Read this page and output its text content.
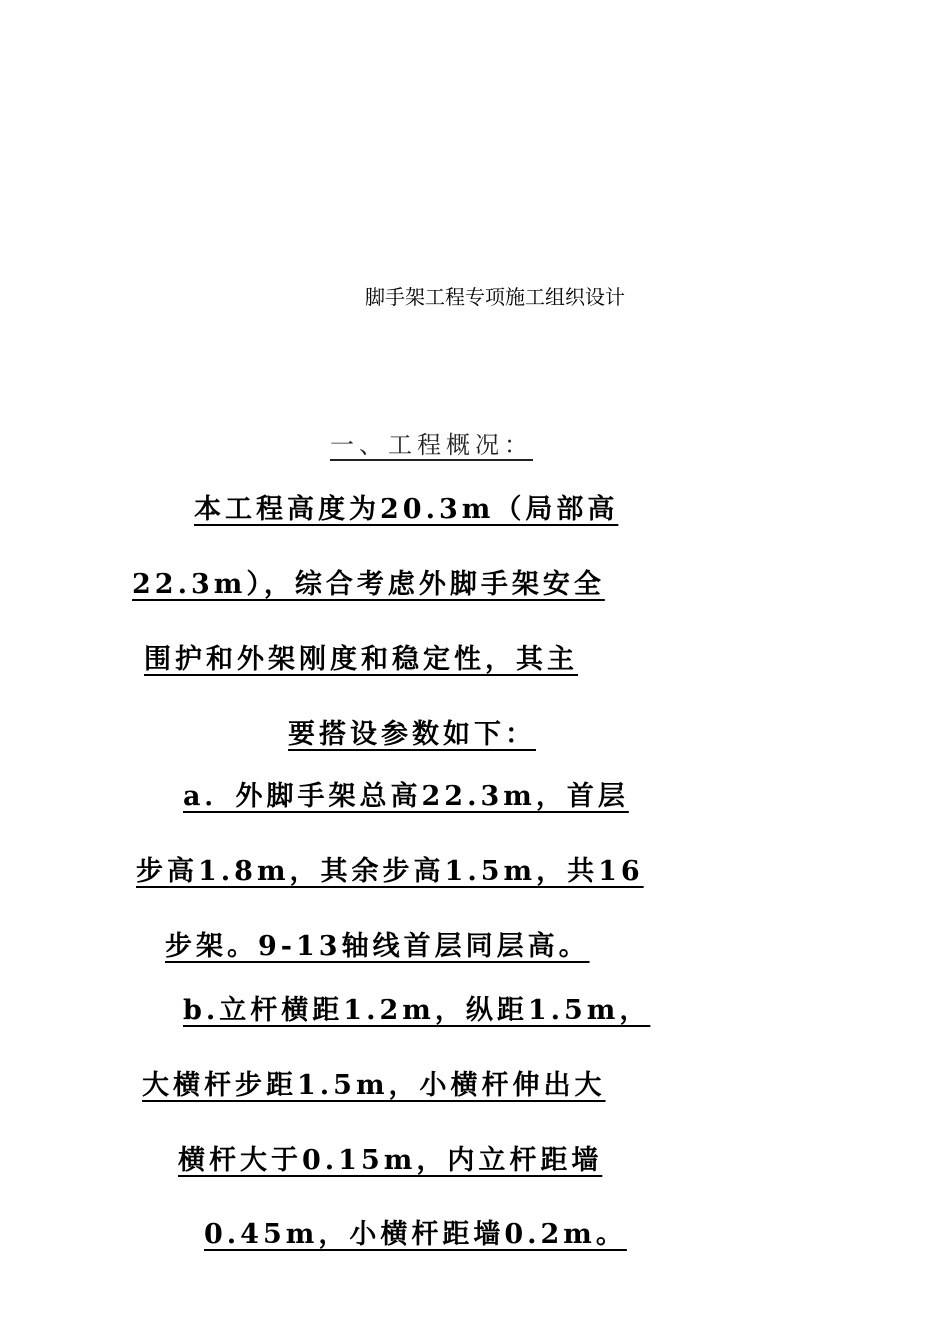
脚手架工程专项施工组织设计
一、工程概况：
本工程高度为20.3m（局部高
22.3m），综合考虑外脚手架安全
围护和外架刚度和稳定性，其主
要搭设参数如下：
a．外脚手架总高22.3m，首层
步高1.8m，其余步高1.5m，共16
步架。9-13轴线首层同层高。
b.立杆横距1.2m，纵距1.5m，
大横杆步距1.5m，小横杆伸出大
横杆大于0.15m，内立杆距墙
0.45m，小横杆距墙0.2m。
